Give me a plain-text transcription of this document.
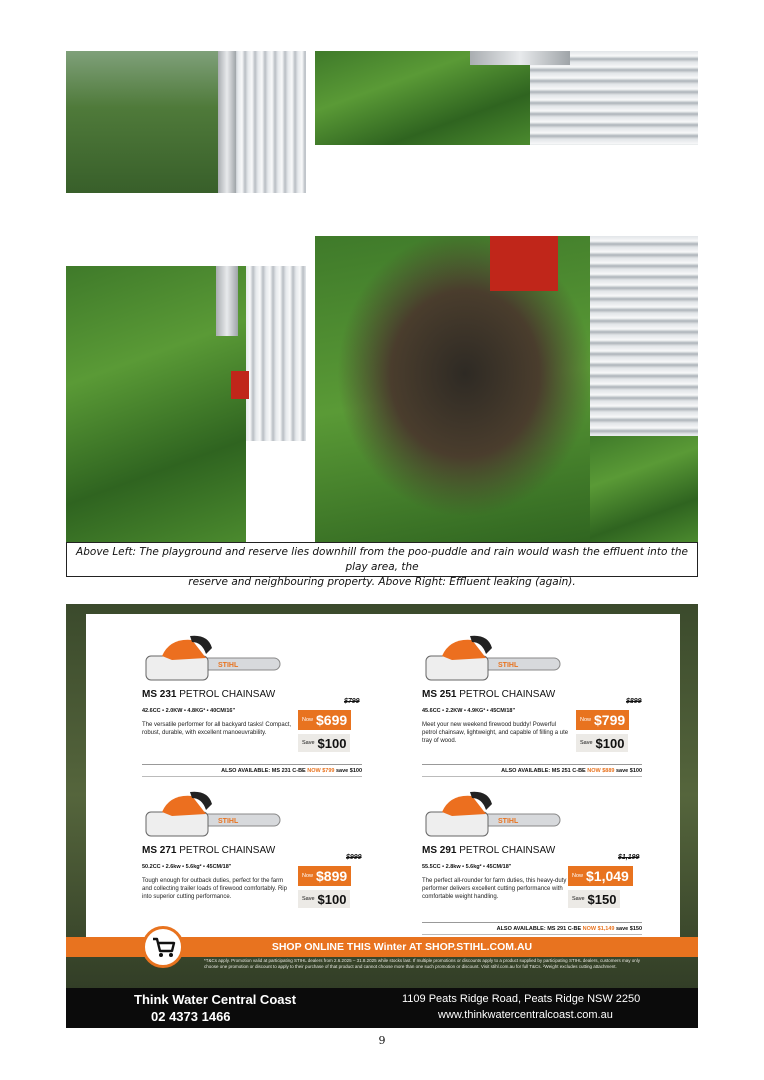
Above Left: The playground and reserve lies downhill from the poo-puddle and rain would wash the effluent into the play area, the
reserve and neighbouring property. Above Right: Effluent leaking (again).
STIHL
MS 231 PETROL CHAINSAW
42.6CC • 2.0KW • 4.8KG² • 40CM/16"
The versatile performer for all backyard tasks! Compact, robust, durable, with excellent manoeuvrability.
$799
Now $699
Save $100
ALSO AVAILABLE: MS 231 C-BE NOW $799 save $100
STIHL
MS 251 PETROL CHAINSAW
45.6CC • 2.2KW • 4.9KG² • 45CM/18"
Meet your new weekend firewood buddy! Powerful petrol chainsaw, lightweight, and capable of filling a ute tray of wood.
$899
Now $799
Save $100
ALSO AVAILABLE: MS 251 C-BE NOW $889 save $100
STIHL
MS 271 PETROL CHAINSAW
50.2CC • 2.6kw • 5.6kg² • 45CM/18"
Tough enough for outback duties, perfect for the farm and collecting trailer loads of firewood comfortably. Rip into superior cutting performance.
$999
Now $899
Save $100
STIHL
MS 291 PETROL CHAINSAW
55.5CC • 2.8kw • 5.6kg² • 45CM/18"
The perfect all-rounder for farm duties, this heavy-duty performer delivers excellent cutting performance with comfortable weight handling.
$1,199
Now $1,049
Save $150
ALSO AVAILABLE: MS 291 C-BE NOW $1,149 save $150
SHOP ONLINE THIS Winter AT SHOP.STIHL.COM.AU
*T&Cs apply. Promotion valid at participating STIHL dealers from 2.6.2025 – 31.8.2025 while stocks last. If multiple promotions or discounts apply to a product supplied by participating STIHL dealers, customers may only choose one promotion or discount to apply to their purchase of that product and cannot choose more than one such promotion or discount. Visit stihl.com.au for full T&Cs. ²Weight excludes cutting attachment.
Think Water Central Coast
02 4373 1466
1109 Peats Ridge Road, Peats Ridge NSW 2250
www.thinkwatercentralcoast.com.au
9
